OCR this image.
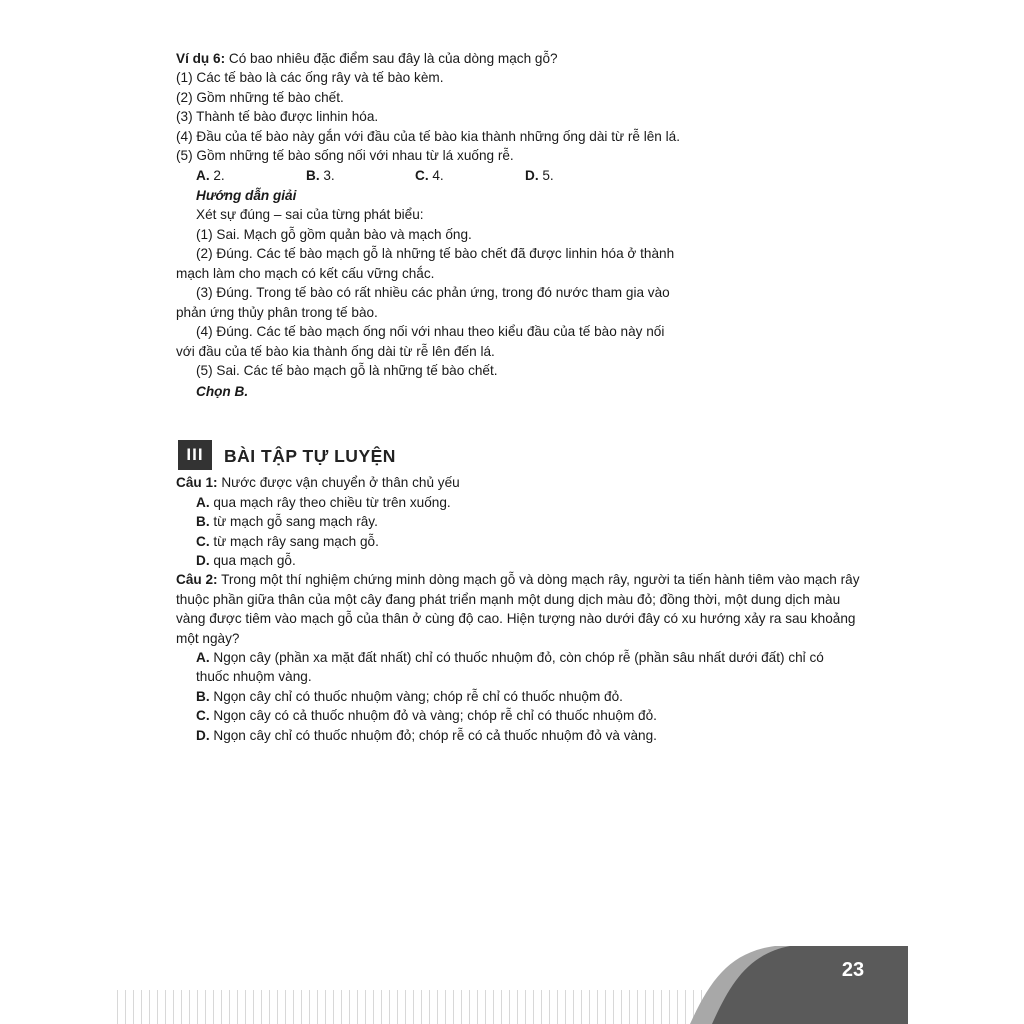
Ví dụ 6: Có bao nhiêu đặc điểm sau đây là của dòng mạch gỗ?
(1) Các tế bào là các ống rây và tế bào kèm.
(2) Gồm những tế bào chết.
(3) Thành tế bào được linhin hóa.
(4) Đầu của tế bào này gắn với đầu của tế bào kia thành những ống dài từ rễ lên lá.
(5) Gồm những tế bào sống nối với nhau từ lá xuống rễ.
A. 2.	B. 3.	C. 4.	D. 5.
Hướng dẫn giải
Xét sự đúng – sai của từng phát biểu:
(1) Sai. Mạch gỗ gồm quản bào và mạch ống.
(2) Đúng. Các tế bào mạch gỗ là những tế bào chết đã được linhin hóa ở thành
mạch làm cho mạch có kết cấu vững chắc.
(3) Đúng. Trong tế bào có rất nhiều các phản ứng, trong đó nước tham gia vào
phản ứng thủy phân trong tế bào.
(4) Đúng. Các tế bào mạch ống nối với nhau theo kiểu đầu của tế bào này nối
với đầu của tế bào kia thành ống dài từ rễ lên đến lá.
(5) Sai. Các tế bào mạch gỗ là những tế bào chết.
Chọn B.
III	BÀI TẬP TỰ LUYỆN
Câu 1: Nước được vận chuyển ở thân chủ yếu
A. qua mạch rây theo chiều từ trên xuống.
B. từ mạch gỗ sang mạch rây.
C. từ mạch rây sang mạch gỗ.
D. qua mạch gỗ.
Câu 2: Trong một thí nghiệm chứng minh dòng mạch gỗ và dòng mạch rây, người ta tiến hành tiêm vào mạch rây thuộc phần giữa thân của một cây đang phát triển mạnh một dung dịch màu đỏ; đồng thời, một dung dịch màu vàng được tiêm vào mạch gỗ của thân ở cùng độ cao. Hiện tượng nào dưới đây có xu hướng xảy ra sau khoảng một ngày?
A. Ngọn cây (phần xa mặt đất nhất) chỉ có thuốc nhuộm đỏ, còn chóp rễ (phần sâu nhất dưới đất) chỉ có
thuốc nhuộm vàng.
B. Ngọn cây chỉ có thuốc nhuộm vàng; chóp rễ chỉ có thuốc nhuộm đỏ.
C. Ngọn cây có cả thuốc nhuộm đỏ và vàng; chóp rễ chỉ có thuốc nhuộm đỏ.
D. Ngọn cây chỉ có thuốc nhuộm đỏ; chóp rễ có cả thuốc nhuộm đỏ và vàng.
23
